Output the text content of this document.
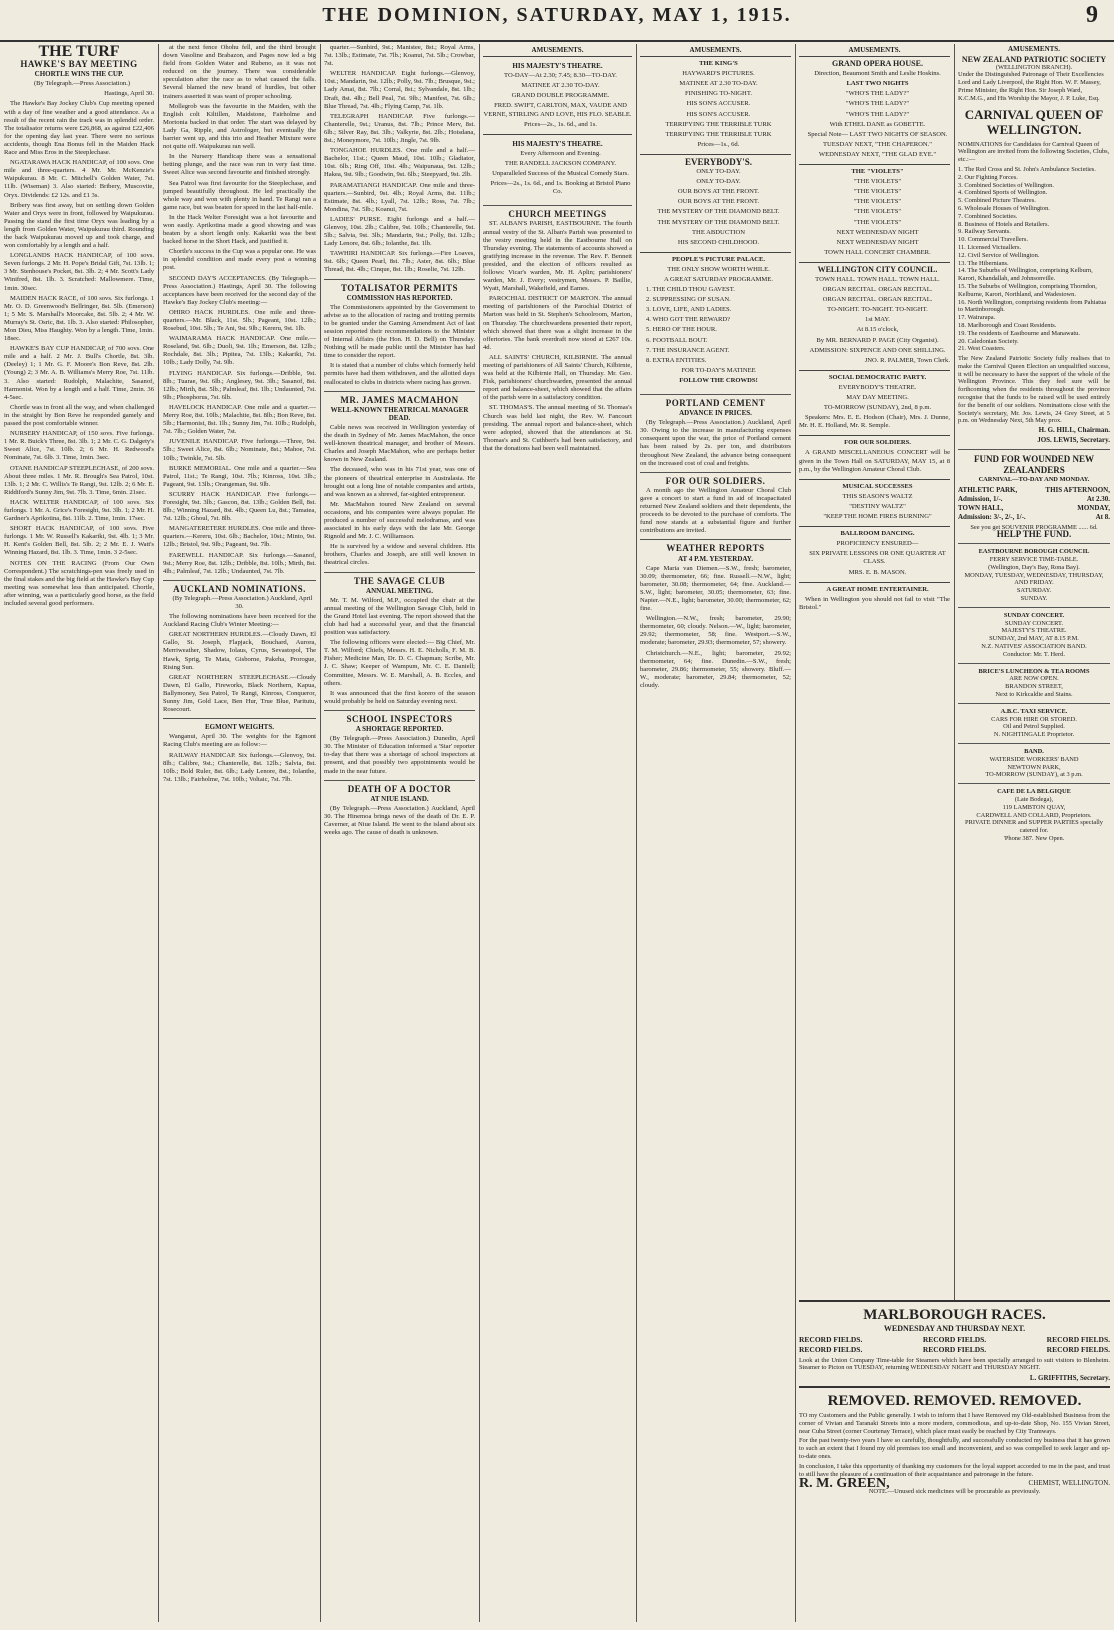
THE DOMINION, SATURDAY, MAY 1, 1915.	9
THE TURF
HAWKE'S BAY MEETING
CHORTLE WINS THE CUP.

(By Telegraph.—Press Association.)

Hastings, April 30.

The Hawke's Bay Jockey Club's Cup meeting opened with a day of fine weather and a good attendance. As a result of the recent rain the track was in splendid order. The totalisator returns were £26,868, as against £22,406 for the opening day last year. There were no serious accidents, though Ena Bonus fell in the Maiden Hack Race and Miss Eros in the Steeplechase.

NGATARAWA HACK HANDICAP, of 100 sovs. One mile and three-quarters. 4 Mr. Mr. McKenzie's Waipukurau. 8 Mr. C. Mitchell's Golden Water, 7st. 11lb. (Wiseman) 3. Also started: Bribery, Muscovite, Oryx. Dividends: £2 12s. and £1 3s.

Bribery was first away, but on settling down Golden Water and Oryx were in front, followed by Waipukurau. Passing the stand the first time Oryx was leading by a length from Golden Water, Waipukurau third. Rounding the back Waipukurau moved up and took charge, and won comfortably by a length and a half.

LONGLANDS HACK HANDICAP, of 100 sovs. Seven furlongs. 2 Mr. H. Pope's Bridal Gift, 7st. 13lb. 1; 3 Mr. Stenhouse's Pocket, 8st. 3lb. 2; 4 Mr. Scott's Lady Winifred, 8st. 1lb. 3. Scratched: Mallowmere. Time, 1min. 30sec.

MAIDEN HACK RACE, of 100 sovs. Six furlongs. 1 Mr. O. D. Greenwood's Bellringer, 8st. 5lb. (Emerson) 1; 5 Mr. S. Marshall's Moorcake, 8st. 5lb. 2; 4 Mr. W. Murray's St. Osric, 8st. 1lb. 3. Also started: Philosopher, Mon Dieu, Miss Haughty. Won by a length. Time, 1min. 18sec.

HAWKE'S BAY CUP HANDICAP, of 700 sovs. One mile and a half. 2 Mr. J. Bull's Chortle, 8st. 3lb. (Deeley) 1; 1 Mr. G. F. Moore's Bon Reve, 8st. 2lb. (Young) 2; 3 Mr. A. B. Williams's Merry Roe, 7st. 11lb. 3. Also started: Rudolph, Malachite, Sasanof, Harmonist. Won by a length and a half. Time, 2min. 36 4-5sec.

Chortle was in front all the way, and when challenged in the straight by Bon Reve he responded gamely and passed the post comfortable winner.

NURSERY HANDICAP, of 150 sovs. Five furlongs. 1 Mr. R. Buick's Three, 8st. 3lb. 1; 2 Mr. C. G. Dalgety's Sweet Alice, 7st. 10lb. 2; 6 Mr. H. Redwood's Nominate, 7st. 6lb. 3. Time, 1min. 3sec.

OTANE HANDICAP STEEPLECHASE, of 200 sovs. About three miles. 1 Mr. R. Brough's Sea Patrol, 10st. 13lb. 1; 2 Mr. C. Willis's Te Rangi, 9st. 12lb. 2; 6 Mr. E. Riddiford's Sunny Jim, 9st. 7lb. 3. Time, 6min. 21sec.

HACK WELTER HANDICAP, of 100 sovs. Six furlongs. 1 Mr. A. Grice's Foresight, 9st. 3lb. 1; 2 Mr. H. Gardner's Aprikotina, 8st. 11lb. 2. Time, 1min. 17sec.

SHORT HACK HANDICAP, of 100 sovs. Five furlongs. 1 Mr. W. Russell's Kakariki, 9st. 4lb. 1; 3 Mr. H. Kent's Golden Bell, 8st. 5lb. 2; 2 Mr. E. J. Watt's Winning Hazard, 8st. 1lb. 3. Time, 1min. 3 2-5sec.

NOTES ON THE RACING (From Our Own Correspondent.) The scratchings-pen was freely used in the final stakes and the big field at the Hawke's Bay Cup meeting was somewhat less than anticipated. Chortle, after winning, was a particularly good horse, as the field included several good performers.

at the next fence Ohohu fell, and the third brought down Vasoline and Brabazon, and Pages now led a big field from Golden Water and Rubeno, as it was not reduced on the journey. There was considerable speculation after the race as to what caused the falls. Several blamed the new brand of hurdles, but other trainers asserted it was want of proper schooling.

Mollegrob was the favourite in the Maiden, with the English colt Kiltillen, Maidstone, Fairholme and Mortonia backed in that order. The start was delayed by Lady Ga, Ripple, and Astrologer, but eventually the barrier went up, and this trio and Heather Mixture were not quite off. Waipukurau ran well.

In the Nursery Handicap there was a sensational betting plunge, and the race was run in very fast time. Sweet Alice was second favourite and finished strongly.

Sea Patrol was first favourite for the Steeplechase, and jumped beautifully throughout. He led practically the whole way and won with plenty in hand. Te Rangi ran a game race, but was beaten for speed in the last half-mile.

In the Hack Welter Foresight was a hot favourite and won easily. Aprikotina made a good showing and was beaten by a short length only. Kakariki was the best backed horse in the Short Hack, and justified it.

Chortle's success in the Cup was a popular one. He was in splendid condition and made every post a winning post.

SECOND DAY'S ACCEPTANCES. (By Telegraph.—Press Association.) Hastings, April 30. The following acceptances have been received for the second day of the Hawke's Bay Jockey Club's meeting:—

OHIRO HACK HURDLES. One mile and three-quarters.—Mr. Black, 11st. 5lb.; Pageant, 10st. 12lb.; Rosebud, 10st. 5lb.; Te Ani, 9st. 9lb.; Kereru, 9st. 1lb.

WAIMARAMA HACK HANDICAP. One mile.—Roseland, 9st. 6lb.; Duoli, 9st. 1lb.; Emerson, 8st. 12lb.; Rochdale, 8st. 3lb.; Pipitea, 7st. 13lb.; Kakariki, 7st. 10lb.; Lady Dolly, 7st. 9lb.

FLYING HANDICAP. Six furlongs.—Dribble, 9st. 8lb.; Tuarae, 9st. 6lb.; Anglesey, 9st. 3lb.; Sasanof, 8st. 12lb.; Mirth, 8st. 5lb.; Palmleaf, 8st. 1lb.; Undaunted, 7st. 9lb.; Phosphorus, 7st. 6lb.

HAVELOCK HANDICAP. One mile and a quarter.—Merry Roe, 8st. 10lb.; Malachite, 8st. 8lb.; Bon Reve, 8st. 5lb.; Harmonist, 8st. 1lb.; Sunny Jim, 7st. 10lb.; Rudolph, 7st. 7lb.; Golden Water, 7st.

JUVENILE HANDICAP. Five furlongs.—Three, 9st. 5lb.; Sweet Alice, 8st. 6lb.; Nominate, 8st.; Mahoe, 7st. 10lb.; Twinkle, 7st. 5lb.

BURKE MEMORIAL. One mile and a quarter.—Sea Patrol, 11st.; Te Rangi, 10st. 7lb.; Kinross, 10st. 3lb.; Pageant, 9st. 13lb.; Orangeman, 9st. 9lb.

SCURRY HACK HANDICAP. Five furlongs.—Foresight, 9st. 3lb.; Gascon, 8st. 13lb.; Golden Bell, 8st. 8lb.; Winning Hazard, 8st. 4lb.; Queen Lu, 8st.; Tamatea, 7st. 12lb.; Ghoul, 7st. 8lb.

MANGATERETERE HURDLES. One mile and three-quarters.—Kereru, 10st. 6lb.; Bachelor, 10st.; Minto, 9st. 12lb.; Bristol, 9st. 9lb.; Pageant, 9st. 7lb.

FAREWELL HANDICAP. Six furlongs.—Sasanof, 9st.; Merry Roe, 8st. 12lb.; Dribble, 8st. 10lb.; Mirth, 8st. 4lb.; Palmleaf, 7st. 12lb.; Undaunted, 7st. 7lb.

AUCKLAND NOMINATIONS.

(By Telegraph.—Press Association.) Auckland, April 30.

The following nominations have been received for the Auckland Racing Club's Winter Meeting:—

GREAT NORTHERN HURDLES.—Cloudy Dawn, El Gallo, St. Joseph, Flapjack, Bouchard, Aurora, Merriweather, Shadow, Iolaus, Cyrus, Sevastopol, The Hawk, Sprig, Te Mata, Gisborne, Pakeha, Prorogue, Rising Sun.

GREAT NORTHERN STEEPLECHASE.—Cloudy Dawn, El Gallo, Fireworks, Black Northern, Kapua, Ballymoney, Sea Patrol, Te Rangi, Kinross, Conqueror, Sunny Jim, Gold Lace, Ben Hur, True Blue, Paritutu, Rosecourt.

EGMONT WEIGHTS.

Wanganui, April 30. The weights for the Egmont Racing Club's meeting are as follow:—

RAILWAY HANDICAP. Six furlongs.—Glenvoy, 9st. 8lb.; Calibre, 9st.; Chanterelle, 8st. 12lb.; Salvia, 8st. 10lb.; Bold Ruler, 8st. 6lb.; Lady Lenore, 8st.; Iolanthe, 7st. 13lb.; Fairholme, 7st. 10lb.; Voltaic, 7st. 7lb.

quarter.—Sunbird, 9st.; Manistee, 8st.; Royal Arms, 7st. 13lb.; Estimate, 7st. 7lb.; Koanui, 7st. 5lb.; Crowbar, 7st.

WELTER HANDICAP. Eight furlongs.—Glenvoy, 10st.; Mandarin, 9st. 12lb.; Polly, 9st. 7lb.; Brusque, 9st.; Lady Amai, 8st. 7lb.; Corral, 8st.; Sylvandale, 8st. 1lb.; Draft, 8st. 4lb.; Bell Peal, 7st. 9lb.; Manifest, 7st. 6lb.; Blue Thread, 7st. 4lb.; Flying Camp, 7st. 1lb.

TELEGRAPH HANDICAP. Five furlongs.—Chanterelle, 9st.; Uranus, 8st. 7lb.; Prince Merv, 8st. 6lb.; Silver Ray, 8st. 3lb.; Valkyrie, 8st. 2lb.; Hoisdana, 8st.; Moneymore, 7st. 10lb.; Jingle, 7st. 9lb.

TONGAHOE HURDLES. One mile and a half.—Bachelor, 11st.; Queen Maud, 10st. 10lb.; Gladiator, 10st. 6lb.; Ring Off, 10st. 4lb.; Waipunaua, 9st. 12lb.; Hakea, 9st. 9lb.; Goodwin, 9st. 6lb.; Steepyard, 9st. 2lb.

PARAMATIANGI HANDICAP. One mile and three-quarters.—Sunbird, 9st. 4lb.; Royal Arms, 8st. 11lb.; Estimate, 8st. 4lb.; Lyall, 7st. 12lb.; Ross, 7st. 7lb.; Mondina, 7st. 5lb.; Koanui, 7st.

LADIES' PURSE. Eight furlongs and a half.—Glenvoy, 10st. 2lb.; Calibre, 9st. 10lb.; Chanterelle, 9st. 5lb.; Salvia, 9st. 3lb.; Mandarin, 9st.; Polly, 8st. 12lb.; Lady Lenore, 8st. 6lb.; Iolanthe, 8st. 1lb.

TAWHIRI HANDICAP. Six furlongs.—Fire Loaves, 9st. 6lb.; Queen Pearl, 8st. 7lb.; Aster, 8st. 6lb.; Blue Thread, 8st. 4lb.; Cinque, 8st. 1lb.; Roselie, 7st. 12lb.

TOTALISATOR PERMITS
COMMISSION HAS REPORTED.

The Commissioners appointed by the Government to advise as to the allocation of racing and trotting permits to be granted under the Gaming Amendment Act of last session reported their recommendations to the Minister of Internal Affairs (the Hon. H. D. Bell) on Thursday. Nothing will be made public until the Minister has had time to consider the report.

It is stated that a number of clubs which formerly held permits have had them withdrawn, and the allotted days reallocated to clubs in districts where racing has grown.

MR. JAMES MACMAHON
WELL-KNOWN THEATRICAL MANAGER DEAD.

Cable news was received in Wellington yesterday of the death in Sydney of Mr. James MacMahon, the once well-known theatrical manager, and brother of Messrs. Charles and Joseph MacMahon, who are perhaps better known in New Zealand.

The deceased, who was in his 71st year, was one of the pioneers of theatrical enterprise in Australasia. He brought out a long line of notable companies and artists, and was known as a shrewd, far-sighted entrepreneur.

Mr. MacMahon toured New Zealand on several occasions, and his companies were always popular. He produced a number of successful melodramas, and was associated in his early days with the late Mr. George Rignold and Mr. J. C. Williamson.

He is survived by a widow and several children. His brothers, Charles and Joseph, are still well known in theatrical circles.

THE SAVAGE CLUB
ANNUAL MEETING.

Mr. T. M. Wilford, M.P., occupied the chair at the annual meeting of the Wellington Savage Club, held in the Grand Hotel last evening. The report showed that the club had had a successful year, and that the financial position was satisfactory.

The following officers were elected:— Big Chief, Mr. T. M. Wilford; Chiefs, Messrs. H. E. Nicholls, F. M. B. Fisher; Medicine Man, Dr. D. C. Chapman; Scribe, Mr. J. C. Shaw; Keeper of Wampum, Mr. C. E. Daniell; Committee, Messrs. W. E. Marshall, A. B. Eccles, and others.

It was announced that the first korero of the season would probably be held on Saturday evening next.

SCHOOL INSPECTORS
A SHORTAGE REPORTED.

(By Telegraph.—Press Association.) Dunedin, April 30. The Minister of Education informed a 'Star' reporter to-day that there was a shortage of school inspectors at present, and that possibly two appointments would be made in the near future.

DEATH OF A DOCTOR
AT NIUE ISLAND.

(By Telegraph.—Press Association.) Auckland, April 30. The Hinemoa brings news of the death of Dr. E. P. Caverner, at Niue Island. He went to the island about six weeks ago. The cause of death is unknown.

AMUSEMENTS.
HIS MAJESTY'S THEATRE.

TO-DAY—At 2.30; 7.45; 8.30—TO-DAY.

MATINEE AT 2.30 TO-DAY.

GRAND DOUBLE PROGRAMME.

FRED. SWIFT, CARLTON, MAX, VAUDE AND VERNE, STIRLING AND LOVE, HIS FLO. SEABLE.

Prices—2s., 1s. 6d., and 1s.

HIS MAJESTY'S THEATRE.

Every Afternoon and Evening.

THE RANDELL JACKSON COMPANY.

Unparalleled Success of the Musical Comedy Stars.

Prices—2s., 1s. 6d., and 1s. Booking at Bristol Piano Co.

CHURCH MEETINGS

ST. ALBAN'S PARISH, EASTBOURNE. The fourth annual vestry of the St. Alban's Parish was presented to the vestry meeting held in the Eastbourne Hall on Thursday evening. The statements of accounts showed a gratifying increase in the revenue. The Rev. F. Bennett presided, and the election of officers resulted as follows: Vicar's warden, Mr. H. Aplin; parishioners' warden, Mr. J. Every; vestrymen, Messrs. P. Baillie, Wyatt, Marshall, Wakefield, and Eames.

PAROCHIAL DISTRICT OF MARTON. The annual meeting of parishioners of the Parochial District of Marton was held in St. Stephen's Schoolroom, Marton, on Thursday. The churchwardens presented their report, which showed that there was a slight increase in the offertories. The bank overdraft now stood at £267 10s. 4d.

ALL SAINTS' CHURCH, KILBIRNIE. The annual meeting of parishioners of All Saints' Church, Kilbirnie, was held at the Kilbirnie Hall, on Thursday. Mr. Geo. Fisk, parishioners' churchwarden, presented the annual report and balance-sheet, which showed that the affairs of the parish were in a satisfactory condition.

ST. THOMAS'S. The annual meeting of St. Thomas's Church was held last night, the Rev. W. Fancourt presiding. The annual report and balance-sheet, which were adopted, showed that the attendances at St. Thomas's and St. Cuthbert's had been satisfactory, and that the donations had been well maintained.

AMUSEMENTS.

THE KING'S

HAYWARD'S PICTURES.

MATINEE AT 2.30 TO-DAY.

FINISHING TO-NIGHT.

HIS SON'S ACCUSER.

HIS SON'S ACCUSER.

TERRIFYING THE TERRIBLE TURK

TERRIFYING THE TERRIBLE TURK

Prices—1s., 6d.

EVERYBODY'S.

ONLY TO-DAY.

ONLY TO-DAY.

OUR BOYS AT THE FRONT.

OUR BOYS AT THE FRONT.

THE MYSTERY OF THE DIAMOND BELT.

THE MYSTERY OF THE DIAMOND BELT.

THE ABDUCTION

HIS SECOND CHILDHOOD.

PEOPLE'S PICTURE PALACE.

THE ONLY SHOW WORTH WHILE.

A GREAT SATURDAY PROGRAMME.

1. THE CHILD THOU GAVEST.

2. SUPPRESSING OF SUSAN.

3. LOVE, LIFE, AND LADIES.

4. WHO GOT THE REWARD?

5. HERO OF THE HOUR.

6. FOOTBALL BOUT.

7. THE INSURANCE AGENT.

8. EXTRA ENTITIES.

FOR TO-DAY'S MATINEE

FOLLOW THE CROWDS!

PORTLAND CEMENT
ADVANCE IN PRICES.

(By Telegraph.—Press Association.) Auckland, April 30. Owing to the increase in manufacturing expenses consequent upon the war, the price of Portland cement has been raised by 2s. per ton, and distributors throughout New Zealand, the advance being consequent on the increased cost of coal and freights.

FOR OUR SOLDIERS.

A month ago the Wellington Amateur Choral Club gave a concert to start a fund in aid of incapacitated returned New Zealand soldiers and their dependents, the proceeds to be devoted to the purchase of comforts. The fund now stands at a substantial figure and further contributions are invited.

WEATHER REPORTS
AT 4 P.M. YESTERDAY.

Cape Maria van Diemen.—S.W., fresh; barometer, 30.09; thermometer, 66; fine. Russell.—N.W., light; barometer, 30.08; thermometer, 64; fine. Auckland.—S.W., light; barometer, 30.05; thermometer, 63; fine. Napier.—N.E., light; barometer, 30.00; thermometer, 62; fine.

Wellington.—N.W., fresh; barometer, 29.90; thermometer, 60; cloudy. Nelson.—W., light; barometer, 29.92; thermometer, 58; fine. Westport.—S.W., moderate; barometer, 29.93; thermometer, 57; showery.

Christchurch.—N.E., light; barometer, 29.92; thermometer, 64; fine. Dunedin.—S.W., fresh; barometer, 29.86; thermometer, 55; showery. Bluff.—W., moderate; barometer, 29.84; thermometer, 52; cloudy.

AMUSEMENTS.

GRAND OPERA HOUSE.

Direction, Beaumont Smith and Leslie Hoskins.

LAST TWO NIGHTS

"WHO'S THE LADY?"

"WHO'S THE LADY?"

"WHO'S THE LADY?"

With ETHEL DANE as GOBETTE.

Special Note— LAST TWO NIGHTS OF SEASON.

TUESDAY NEXT, "THE CHAPERON."

WEDNESDAY NEXT, "THE GLAD EYE."

THE "VIOLETS"

"THE VIOLETS"

"THE VIOLETS"

"THE VIOLETS"

"THE VIOLETS"

"THE VIOLETS"

NEXT WEDNESDAY NIGHT

NEXT WEDNESDAY NIGHT

TOWN HALL CONCERT CHAMBER.

WELLINGTON CITY COUNCIL.

TOWN HALL. TOWN HALL. TOWN HALL.

ORGAN RECITAL. ORGAN RECITAL.

ORGAN RECITAL. ORGAN RECITAL.

TO-NIGHT. TO-NIGHT. TO-NIGHT.

1st MAY.

At 8.15 o'clock,

By MR. BERNARD P. PAGE (City Organist).

ADMISSION: SIXPENCE AND ONE SHILLING.

JNO. R. PALMER, Town Clerk.

SOCIAL DEMOCRATIC PARTY.

EVERYBODY'S THEATRE.

MAY DAY MEETING.

TO-MORROW (SUNDAY), 2nd, 8 p.m.

Speakers: Mrs. E. E. Hodson (Chair), Mrs. J. Dunne, Mr. H. E. Holland, Mr. R. Semple.

FOR OUR SOLDIERS.

A GRAND MISCELLANEOUS CONCERT will be given in the Town Hall on SATURDAY, MAY 15, at 8 p.m., by the Wellington Amateur Choral Club.

MUSICAL SUCCESSES

THIS SEASON'S WALTZ

"DESTINY WALTZ"

"KEEP THE HOME FIRES BURNING"

BALLROOM DANCING.

PROFICIENCY ENSURED—

SIX PRIVATE LESSONS OR ONE QUARTER AT CLASS.

MRS. E. B. MASON.

A GREAT HOME ENTERTAINER.

When in Wellington you should not fail to visit "The Bristol."

AMUSEMENTS.
NEW ZEALAND PATRIOTIC SOCIETY
(WELLINGTON BRANCH).

Under the Distinguished Patronage of Their Excellencies Lord and Lady Liverpool, the Right Hon. W. F. Massey, Prime Minister, the Right Hon. Sir Joseph Ward, K.C.M.G., and His Worship the Mayor, J. P. Luke, Esq.

CARNIVAL QUEEN OF WELLINGTON.

NOMINATIONS for Candidates for Carnival Queen of Wellington are invited from the following Societies, Clubs, etc.:—

1. The Red Cross and St. John's Ambulance Societies.
2. Our Fighting Forces.
3. Combined Societies of Wellington.
4. Combined Sports of Wellington.
5. Combined Picture Theatres.
6. Wholesale Houses of Wellington.
7. Combined Societies.
8. Business of Hotels and Retailers.
9. Railway Servants.
10. Commercial Travellers.
11. Licensed Victuallers.
12. Civil Service of Wellington.
13. The Hibernians.
14. The Suburbs of Wellington, comprising Kelburn, Karori, Khandallah, and Johnsonville.
15. The Suburbs of Wellington, comprising Thorndon, Kelburne, Karori, Northland, and Wadestown.
16. North Wellington, comprising residents from Pahiatua to Martinborough.
17. Wairarapa.
18. Marlborough and Coast Residents.
19. The residents of Eastbourne and Manawatu.
20. Caledonian Society.
21. West Coasters.

The New Zealand Patriotic Society fully realises that to make the Carnival Queen Election an unqualified success, it will be necessary to have the support of the whole of the Wellington Province. This they feel sure will be forthcoming when the residents throughout the province recognise that the funds to be raised will be used entirely for the benefit of our soldiers. Nominations close with the Society's secretary, Mr. Jos. Lewis, 24 Grey Street, at 5 p.m. on Wednesday Next, 5th May prox.

H. G. HILL, Chairman.
JOS. LEWIS, Secretary.
FUND FOR WOUNDED NEW ZEALANDERS
CARNIVAL—TO-DAY AND MONDAY.
ATHLETIC PARK,
Admission, 1/-.
TOWN HALL,
Admission: 3/-, 2/-, 1/-.
THIS AFTERNOON,
At 2.30.
MONDAY,
At 8.
See you get SOUVENIR PROGRAMME ...... 6d.
HELP THE FUND.
EASTBOURNE BOROUGH COUNCIL
FERRY SERVICE TIME-TABLE.
(Wellington, Day's Bay, Rona Bay).
MONDAY, TUESDAY, WEDNESDAY, THURSDAY, AND FRIDAY.
SATURDAY.
SUNDAY.
SUNDAY CONCERT.
SUNDAY CONCERT.
MAJESTY'S THEATRE.
SUNDAY, 2nd MAY, AT 8.15 P.M.
N.Z. NATIVES' ASSOCIATION BAND.
Conductor: Mr. T. Herd.
BRICE'S LUNCHEON & TEA ROOMS
ARE NOW OPEN.
BRANDON STREET,
Next to Kirkcaldie and Stains.
A.B.C. TAXI SERVICE.
CARS FOR HIRE OR STORED.
Oil and Petrol Supplied.
N. NIGHTINGALE Proprietor.
BAND.
WATERSIDE WORKERS' BAND
NEWTOWN PARK,
TO-MORROW (SUNDAY), at 3 p.m.
CAFE DE LA BELGIQUE
(Late Bodega),
119 LAMBTON QUAY,
CARDWELL AND COLLARD, Proprietors.
PRIVATE DINNER and SUPPER PARTIES specially catered for.
'Phone 387. New Open.
MARLBOROUGH RACES.
WEDNESDAY AND THURSDAY NEXT.
RECORD FIELDS.	RECORD FIELDS.	RECORD FIELDS.
RECORD FIELDS.	RECORD FIELDS.	RECORD FIELDS.

Look at the Union Company Time-table for Steamers which have been specially arranged to suit visitors to Blenheim. Steamer to Picton on TUESDAY, returning WEDNESDAY NIGHT and THURSDAY NIGHT.

L. GRIFFITHS, Secretary.
REMOVED. REMOVED. REMOVED.

TO my Customers and the Public generally. I wish to inform that I have Removed my Old-established Business from the corner of Vivian and Taranaki Streets into a more modern, commodious, and up-to-date Shop, No. 155 Vivian Street, near Cuba Street (corner Courtenay Terrace), which place must easily be reached by City Tramways.

For the past twenty-two years I have so carefully, thoughtfully, and successfully conducted my business that it has grown to such an extent that I found my old premises too small and inconvenient, and so was compelled to seek larger and up-to-date ones.

In conclusion, I take this opportunity of thanking my customers for the loyal support accorded to me in the past, and trust to still have the pleasure of a continuation of their acquaintance and patronage in the future.

R. M. GREEN,	CHEMIST, WELLINGTON.
NOTE.—Unused sick medicines will be procurable as previously.
